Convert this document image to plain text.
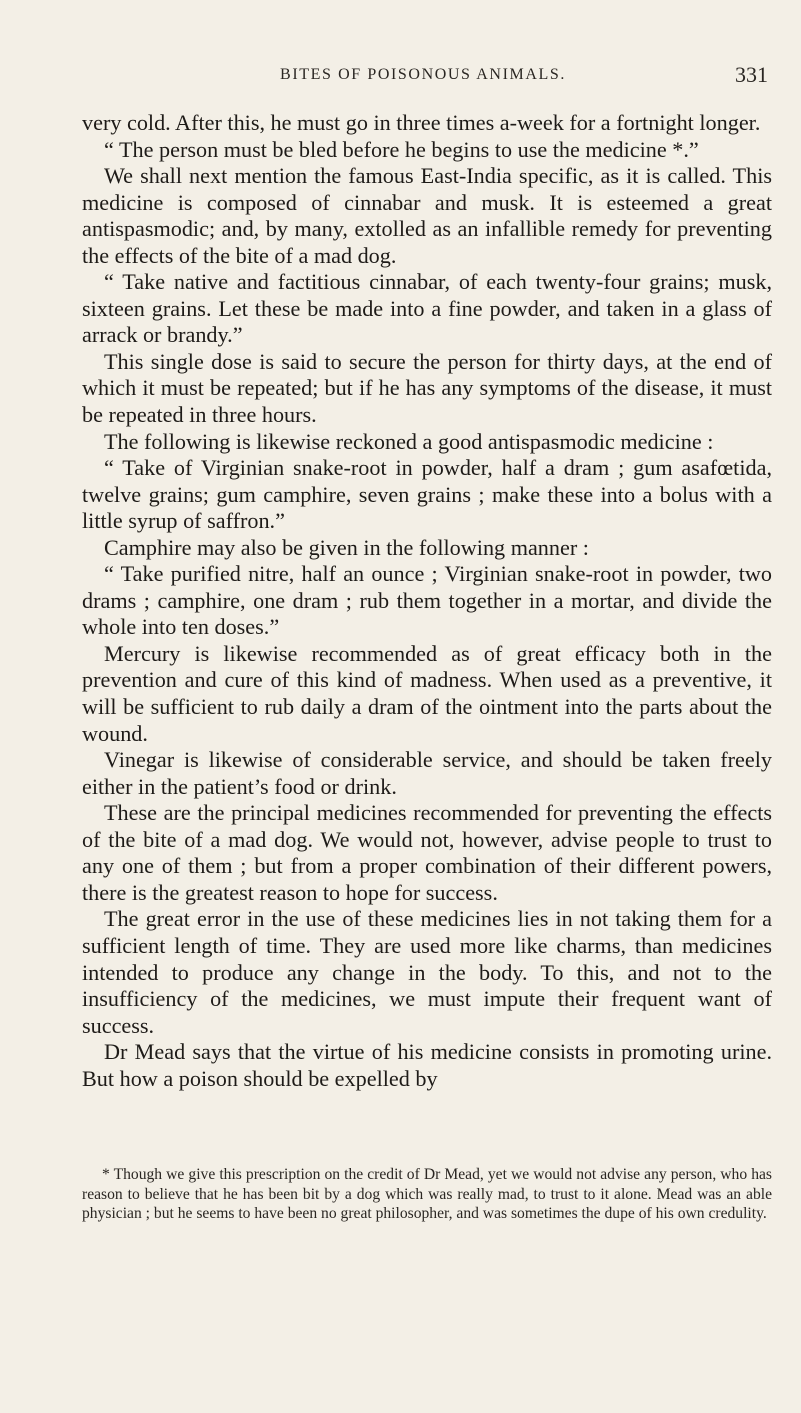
BITES OF POISONOUS ANIMALS.	331

very cold. After this, he must go in three times a-week for a fortnight longer.

“ The person must be bled before he begins to use the medicine *.”

We shall next mention the famous East-India specific, as it is called. This medicine is composed of cinnabar and musk. It is esteemed a great antispasmodic; and, by many, extolled as an infallible remedy for preventing the effects of the bite of a mad dog.

“ Take native and factitious cinnabar, of each twenty-four grains; musk, sixteen grains. Let these be made into a fine powder, and taken in a glass of arrack or brandy.”

This single dose is said to secure the person for thirty days, at the end of which it must be repeated; but if he has any symptoms of the disease, it must be repeated in three hours.

The following is likewise reckoned a good antispasmodic medicine :

“ Take of Virginian snake-root in powder, half a dram ; gum asafœtida, twelve grains; gum camphire, seven grains ; make these into a bolus with a little syrup of saffron.”

Camphire may also be given in the following manner :

“ Take purified nitre, half an ounce ; Virginian snake-root in powder, two drams ; camphire, one dram ; rub them together in a mortar, and divide the whole into ten doses.”

Mercury is likewise recommended as of great efficacy both in the prevention and cure of this kind of madness. When used as a preventive, it will be sufficient to rub daily a dram of the ointment into the parts about the wound.

Vinegar is likewise of considerable service, and should be taken freely either in the patient’s food or drink.

These are the principal medicines recommended for preventing the effects of the bite of a mad dog. We would not, however, advise people to trust to any one of them ; but from a proper combination of their different powers, there is the greatest reason to hope for success.

The great error in the use of these medicines lies in not taking them for a sufficient length of time. They are used more like charms, than medicines intended to produce any change in the body. To this, and not to the insufficiency of the medicines, we must impute their frequent want of success.

Dr Mead says that the virtue of his medicine consists in promoting urine. But how a poison should be expelled by

* Though we give this prescription on the credit of Dr Mead, yet we would not advise any person, who has reason to believe that he has been bit by a dog which was really mad, to trust to it alone. Mead was an able physician ; but he seems to have been no great philosopher, and was sometimes the dupe of his own credulity.
